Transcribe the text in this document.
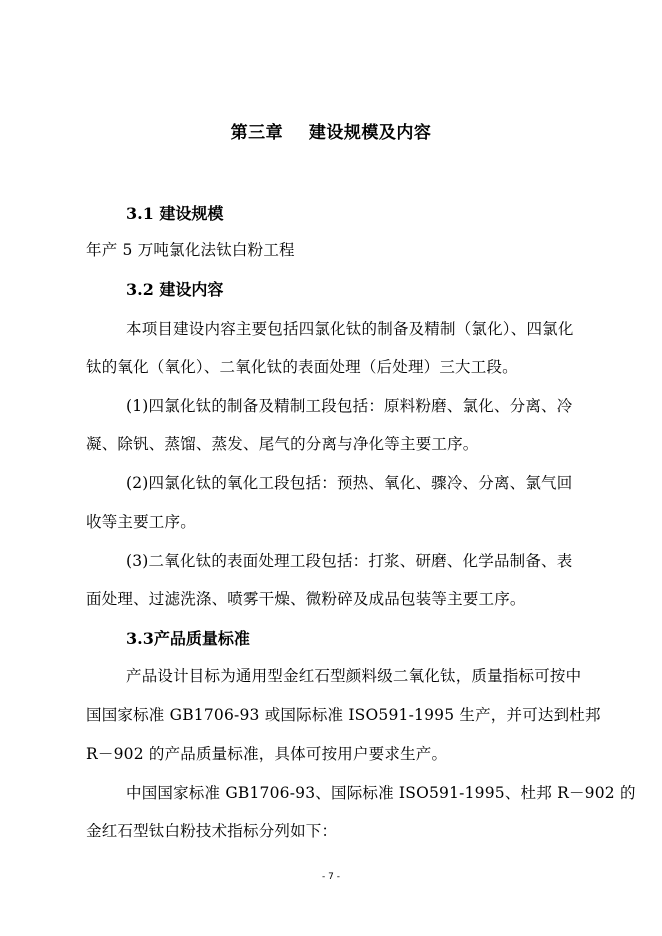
第三章    建设规模及内容
3.1 建设规模
年产 5 万吨氯化法钛白粉工程
3.2 建设内容
本项目建设内容主要包括四氯化钛的制备及精制（氯化）、四氯化
钛的氧化（氧化）、二氧化钛的表面处理（后处理）三大工段。
(1)四氯化钛的制备及精制工段包括：原料粉磨、氯化、分离、冷
凝、除钒、蒸馏、蒸发、尾气的分离与净化等主要工序。
(2)四氯化钛的氧化工段包括：预热、氧化、骤冷、分离、氯气回
收等主要工序。
(3)二氧化钛的表面处理工段包括：打浆、研磨、化学品制备、表
面处理、过滤洗涤、喷雾干燥、微粉碎及成品包装等主要工序。
3.3产品质量标准
产品设计目标为通用型金红石型颜料级二氧化钛，质量指标可按中
国国家标准 GB1706-93 或国际标准 ISO591-1995 生产，并可达到杜邦
R－902 的产品质量标准，具体可按用户要求生产。
中国国家标准 GB1706-93、国际标准 ISO591-1995、杜邦 R－902 的
金红石型钛白粉技术指标分列如下：
- 7 -
